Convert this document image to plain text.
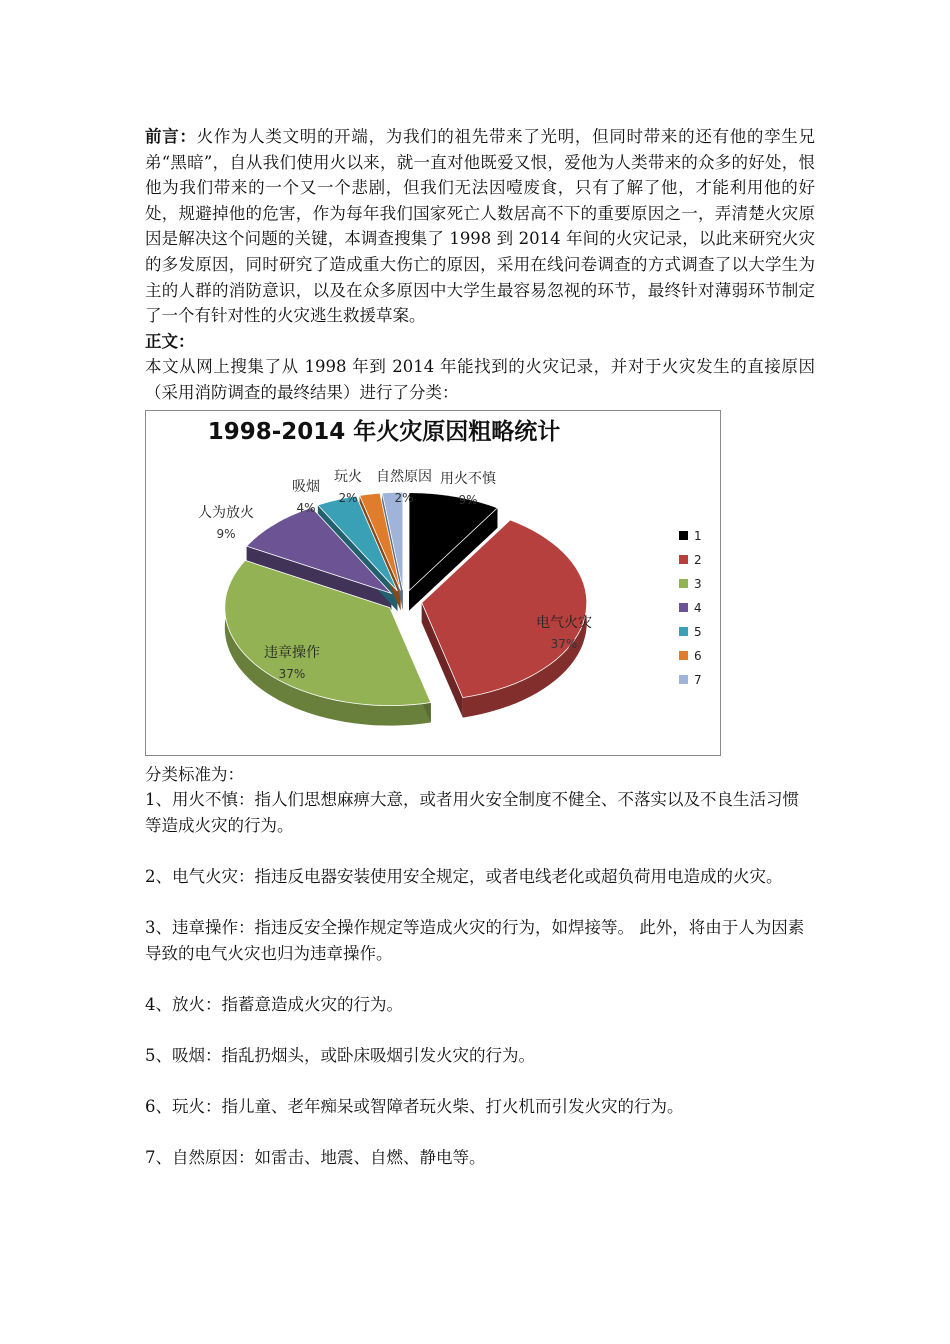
前言：火作为人类文明的开端，为我们的祖先带来了光明，但同时带来的还有他的孪生兄弟“黑暗”，自从我们使用火以来，就一直对他既爱又恨，爱他为人类带来的众多的好处，恨他为我们带来的一个又一个悲剧，但我们无法因噎废食，只有了解了他，才能利用他的好处，规避掉他的危害，作为每年我们国家死亡人数居高不下的重要原因之一，弄清楚火灾原因是解决这个问题的关键，本调查搜集了 1998 到 2014 年间的火灾记录，以此来研究火灾的多发原因，同时研究了造成重大伤亡的原因，采用在线问卷调查的方式调查了以大学生为主的人群的消防意识，以及在众多原因中大学生最容易忽视的环节，最终针对薄弱环节制定了一个有针对性的火灾逃生救援草案。

正文：

本文从网上搜集了从 1998 年到 2014 年能找到的火灾记录，并对于火灾发生的直接原因（采用消防调查的最终结果）进行了分类：

1998-2014 年火灾原因粗略统计
用火不慎
9%
电气火灾
37%
违章操作
37%
人为放火
9%
吸烟
4%
玩火
2%
自然原因
2%
1
2
3
4
5
6
7

分类标准为：

1、用火不慎：指人们思想麻痹大意，或者用火安全制度不健全、不落实以及不良生活习惯等造成火灾的行为。

2、电气火灾：指违反电器安装使用安全规定，或者电线老化或超负荷用电造成的火灾。

3、违章操作：指违反安全操作规定等造成火灾的行为，如焊接等。 此外，将由于人为因素导致的电气火灾也归为违章操作。

4、放火：指蓄意造成火灾的行为。

5、吸烟：指乱扔烟头，或卧床吸烟引发火灾的行为。

6、玩火：指儿童、老年痴呆或智障者玩火柴、打火机而引发火灾的行为。

7、自然原因：如雷击、地震、自燃、静电等。
